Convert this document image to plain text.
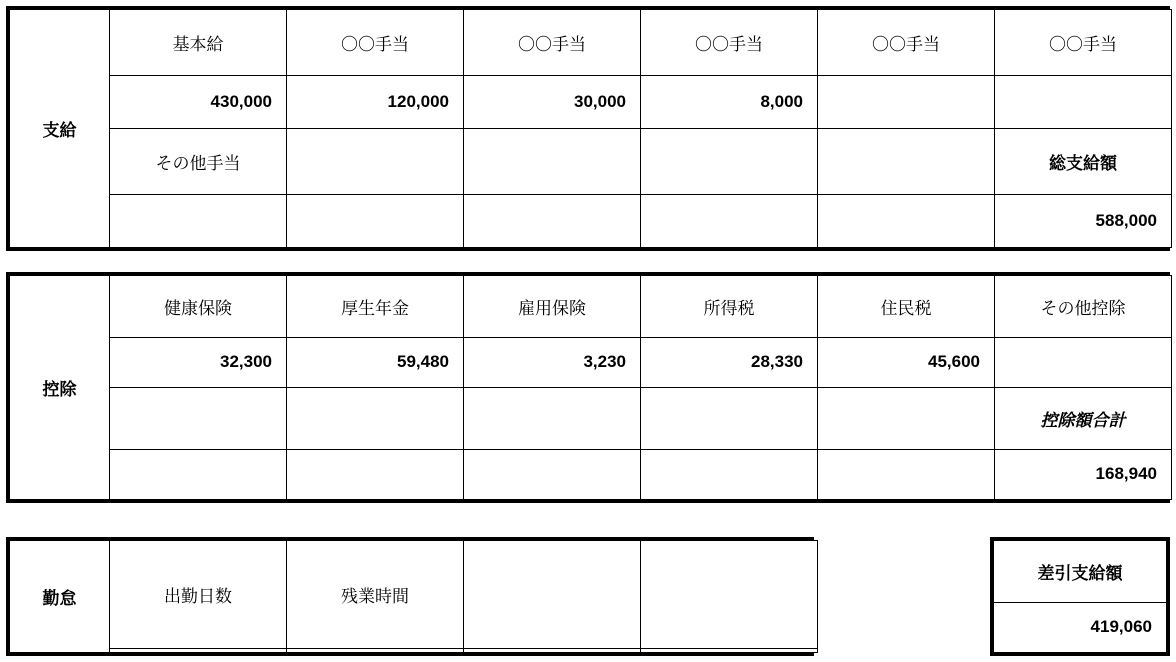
支給	基本給	〇〇手当	〇〇手当	〇〇手当	〇〇手当	〇〇手当
	430,000	120,000	30,000	8,000		
	その他手当					総支給額
						588,000
控除	健康保険	厚生年金	雇用保険	所得税	住民税	その他控除
	32,300	59,480	3,230	28,330	45,600	
						控除額合計
						168,940
勤怠	出勤日数	残業時間		

差引支給額
419,060
